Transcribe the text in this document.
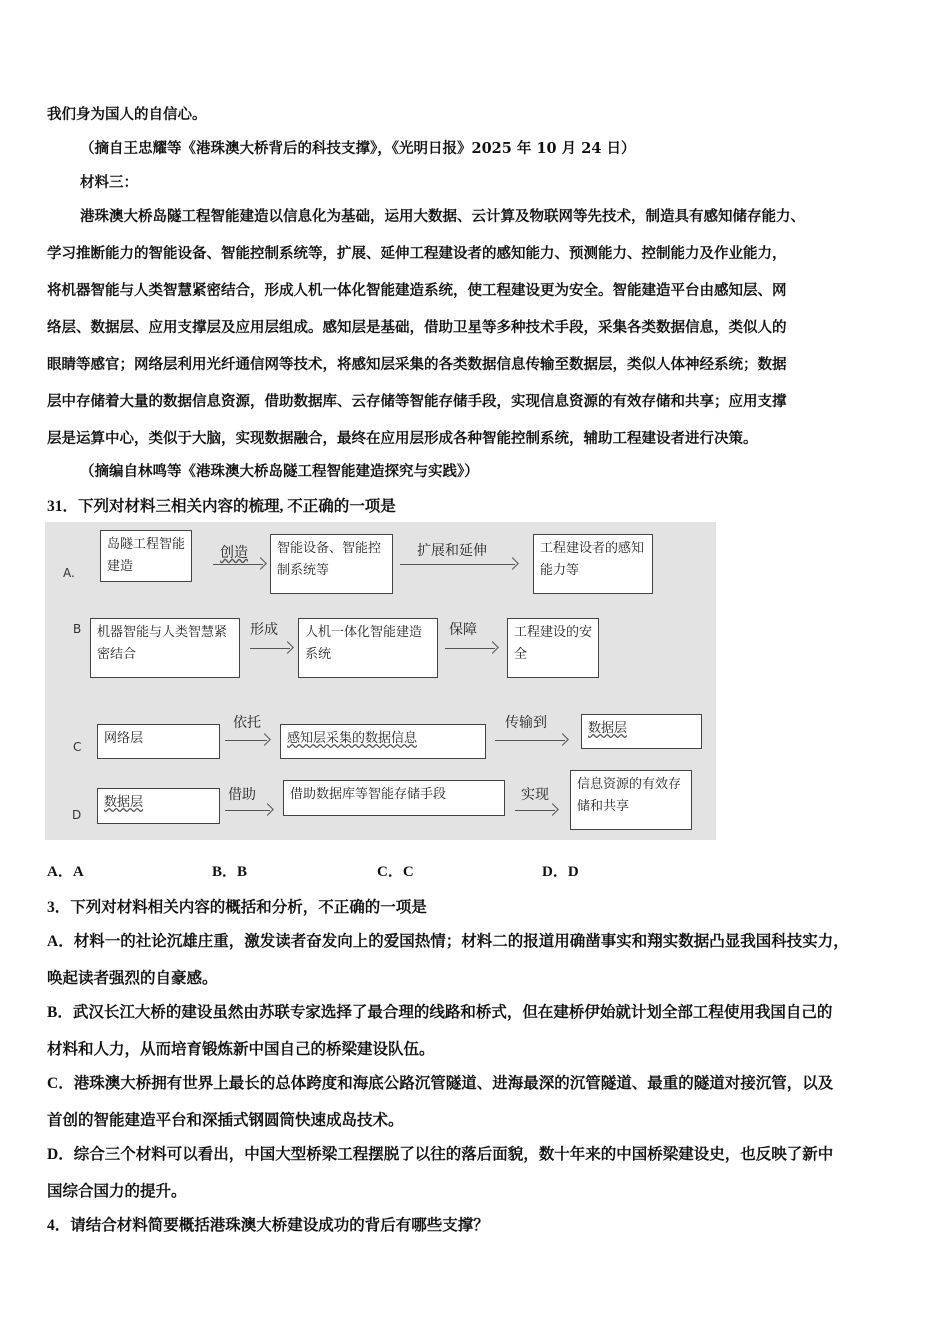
我们身为国人的自信心。
（摘自王忠耀等《港珠澳大桥背后的科技支撑》，《光明日报》2025 年 10 月 24 日）
材料三：
港珠澳大桥岛隧工程智能建造以信息化为基础，运用大数据、云计算及物联网等先技术，制造具有感知储存能力、
学习推断能力的智能设备、智能控制系统等，扩展、延伸工程建设者的感知能力、预测能力、控制能力及作业能力，
将机器智能与人类智慧紧密结合，形成人机一体化智能建造系统，使工程建设更为安全。智能建造平台由感知层、网
络层、数据层、应用支撑层及应用层组成。感知层是基础，借助卫星等多种技术手段，采集各类数据信息，类似人的
眼睛等感官；网络层利用光纤通信网等技术，将感知层采集的各类数据信息传输至数据层，类似人体神经系统；数据
层中存储着大量的数据信息资源，借助数据库、云存储等智能存储手段，实现信息资源的有效存储和共享；应用支撑
层是运算中心，类似于大脑，实现数据融合，最终在应用层形成各种智能控制系统，辅助工程建设者进行决策。
（摘编自林鸣等《港珠澳大桥岛隧工程智能建造探究与实践》）
31．下列对材料三相关内容的梳理, 不正确的一项是
A.
岛隧工程智能建造
创造	智能设备、智能控制系统等
扩展和延伸	工程建设者的感知能力等
B	机器智能与人类智慧紧密结合
形成	人机一体化智能建造系统
保障	工程建设的安全
C
网络层
依托
感知层采集的数据信息
传输到	数据层
D
数据层	借助	借助数据库等智能存储手段	实现
信息资源的有效存储和共享
A．A	B．B	C．C	D．D
3．下列对材料相关内容的概括和分析，不正确的一项是
A．材料一的社论沉雄庄重，激发读者奋发向上的爱国热情；材料二的报道用确凿事实和翔实数据凸显我国科技实力，
唤起读者强烈的自豪感。
B．武汉长江大桥的建设虽然由苏联专家选择了最合理的线路和桥式，但在建桥伊始就计划全部工程使用我国自己的
材料和人力，从而培育锻炼新中国自己的桥梁建设队伍。
C．港珠澳大桥拥有世界上最长的总体跨度和海底公路沉管隧道、进海最深的沉管隧道、最重的隧道对接沉管，以及
首创的智能建造平台和深插式钢圆筒快速成岛技术。
D．综合三个材料可以看出，中国大型桥梁工程摆脱了以往的落后面貌，数十年来的中国桥梁建设史，也反映了新中
国综合国力的提升。
4．请结合材料简要概括港珠澳大桥建设成功的背后有哪些支撑？
